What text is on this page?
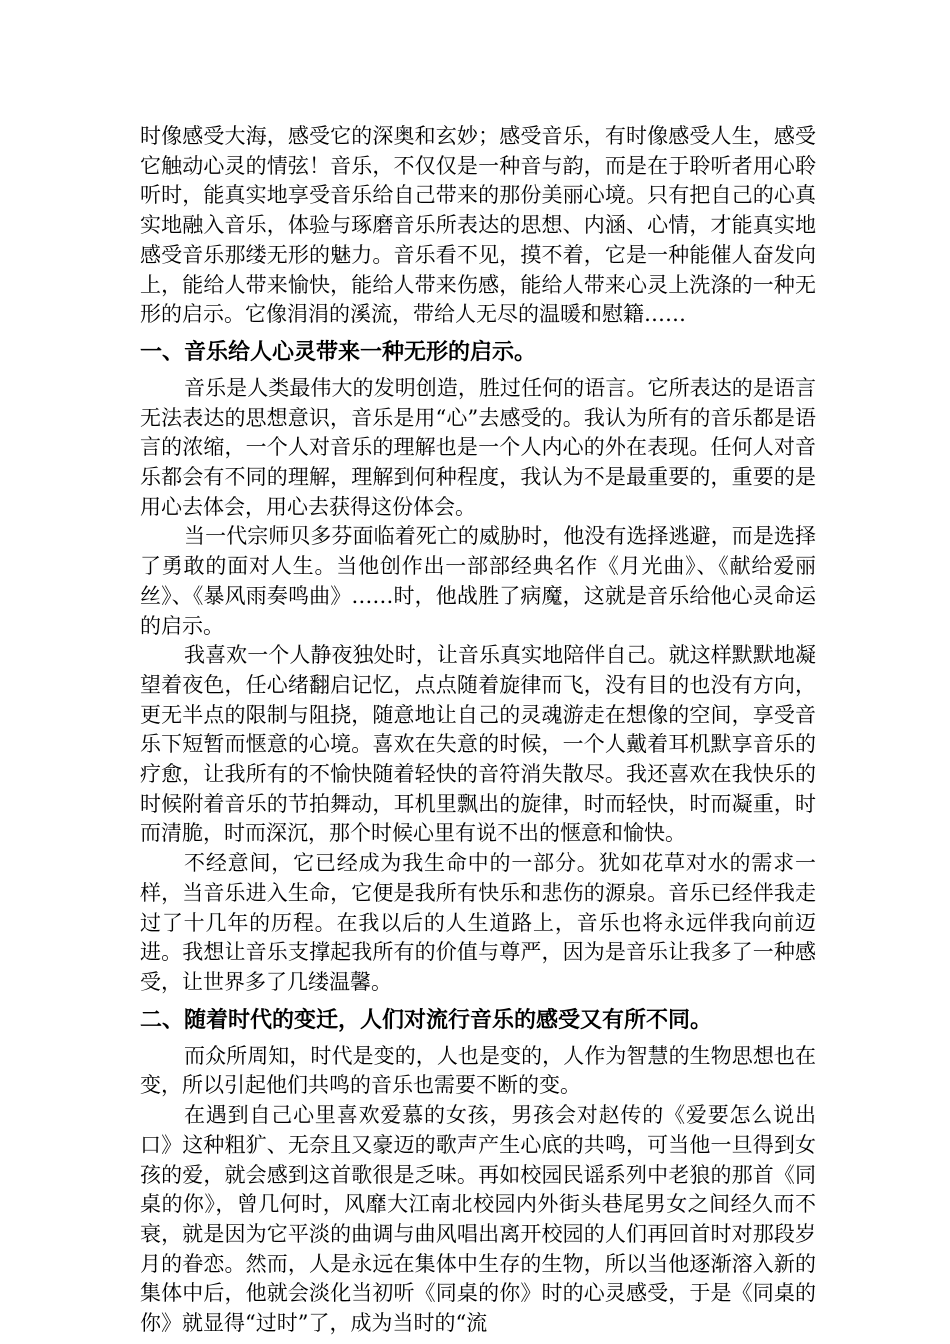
时像感受大海，感受它的深奥和玄妙；感受音乐，有时像感受人生，感受它触动心灵的情弦！音乐，不仅仅是一种音与韵，而是在于聆听者用心聆听时，能真实地享受音乐给自己带来的那份美丽心境。只有把自己的心真实地融入音乐，体验与琢磨音乐所表达的思想、内涵、心情，才能真实地感受音乐那缕无形的魅力。音乐看不见，摸不着，它是一种能催人奋发向上，能给人带来愉快，能给人带来伤感，能给人带来心灵上洗涤的一种无形的启示。它像涓涓的溪流，带给人无尽的温暖和慰籍……

一、音乐给人心灵带来一种无形的启示。

音乐是人类最伟大的发明创造，胜过任何的语言。它所表达的是语言无法表达的思想意识，音乐是用“心”去感受的。我认为所有的音乐都是语言的浓缩，一个人对音乐的理解也是一个人内心的外在表现。任何人对音乐都会有不同的理解，理解到何种程度，我认为不是最重要的，重要的是用心去体会，用心去获得这份体会。

当一代宗师贝多芬面临着死亡的威胁时，他没有选择逃避，而是选择了勇敢的面对人生。当他创作出一部部经典名作《月光曲》、《献给爱丽丝》、《暴风雨奏鸣曲》……时，他战胜了病魔，这就是音乐给他心灵命运的启示。

我喜欢一个人静夜独处时，让音乐真实地陪伴自己。就这样默默地凝望着夜色，任心绪翻启记忆，点点随着旋律而飞，没有目的也没有方向，更无半点的限制与阻挠，随意地让自己的灵魂游走在想像的空间，享受音乐下短暂而惬意的心境。喜欢在失意的时候，一个人戴着耳机默享音乐的疗愈，让我所有的不愉快随着轻快的音符消失散尽。我还喜欢在我快乐的时候附着音乐的节拍舞动，耳机里飘出的旋律，时而轻快，时而凝重，时而清脆，时而深沉，那个时候心里有说不出的惬意和愉快。

不经意间，它已经成为我生命中的一部分。犹如花草对水的需求一样，当音乐进入生命，它便是我所有快乐和悲伤的源泉。音乐已经伴我走过了十几年的历程。在我以后的人生道路上，音乐也将永远伴我向前迈进。我想让音乐支撑起我所有的价值与尊严，因为是音乐让我多了一种感受，让世界多了几缕温馨。

二、随着时代的变迁，人们对流行音乐的感受又有所不同。

而众所周知，时代是变的，人也是变的，人作为智慧的生物思想也在变，所以引起他们共鸣的音乐也需要不断的变。

在遇到自己心里喜欢爱慕的女孩，男孩会对赵传的《爱要怎么说出口》这种粗犷、无奈且又豪迈的歌声产生心底的共鸣，可当他一旦得到女孩的爱，就会感到这首歌很是乏味。再如校园民谣系列中老狼的那首《同桌的你》，曾几何时，风靡大江南北校园内外街头巷尾男女之间经久而不衰，就是因为它平淡的曲调与曲风唱出离开校园的人们再回首时对那段岁月的眷恋。然而，人是永远在集体中生存的生物，所以当他逐渐溶入新的集体中后，他就会淡化当初听《同桌的你》时的心灵感受，于是《同桌的你》就显得“过时”了，成为当时的“流
